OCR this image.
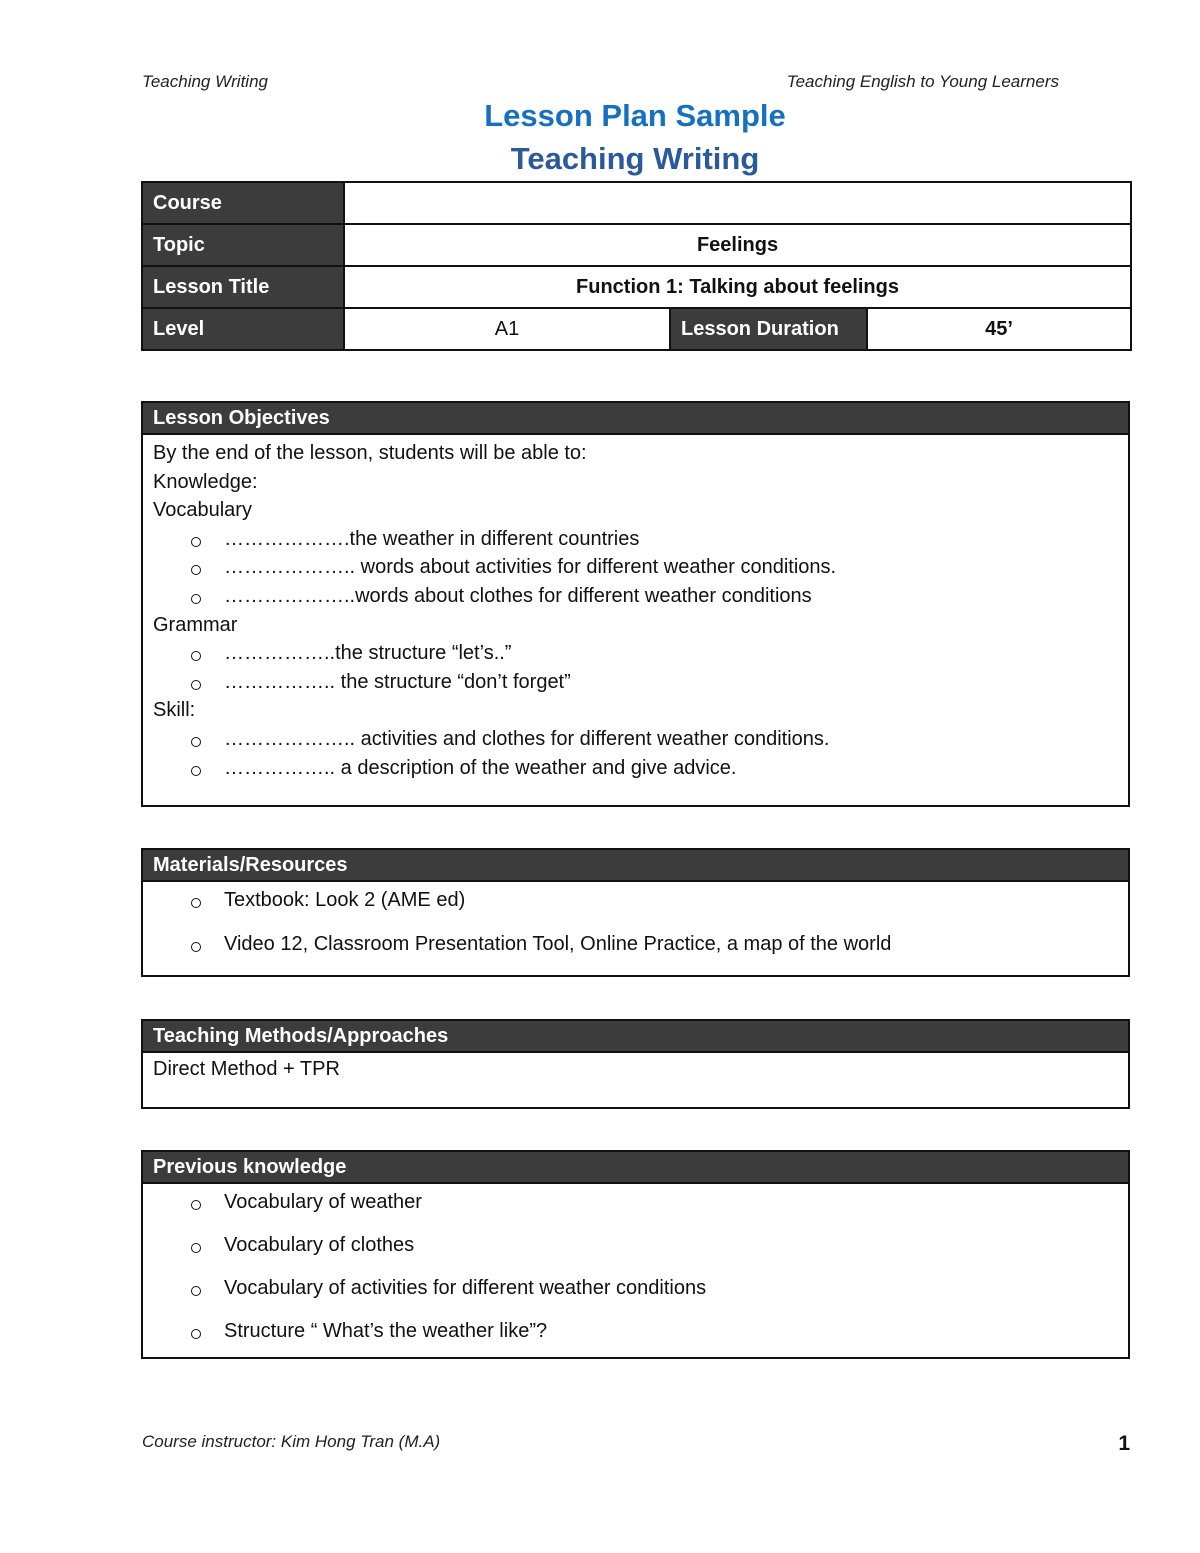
Teaching Writing	Teaching English to Young Learners
Lesson Plan Sample
Teaching Writing
Course			
Topic	Feelings		
Lesson Title	Function 1: Talking about feelings		
Level	A1	Lesson Duration	45’
Lesson Objectives
By the end of the lesson, students will be able to:
Knowledge:
Vocabulary
……………….the weather in different countries
……………….. words about activities for different weather conditions.
………………..words about clothes for different weather conditions
Grammar
……………..the structure “let’s..”
…………….. the structure “don’t forget”
Skill:
……………….. activities and clothes for different weather conditions.
…………….. a description of the weather and give advice.
Materials/Resources
Textbook: Look 2 (AME ed)
Video 12, Classroom Presentation Tool, Online Practice, a map of the world
Teaching Methods/Approaches
Direct Method + TPR
Previous knowledge
Vocabulary of weather
Vocabulary of clothes
Vocabulary of activities for different weather conditions
Structure “ What’s the weather like”?
Course instructor: Kim Hong Tran (M.A)	1
